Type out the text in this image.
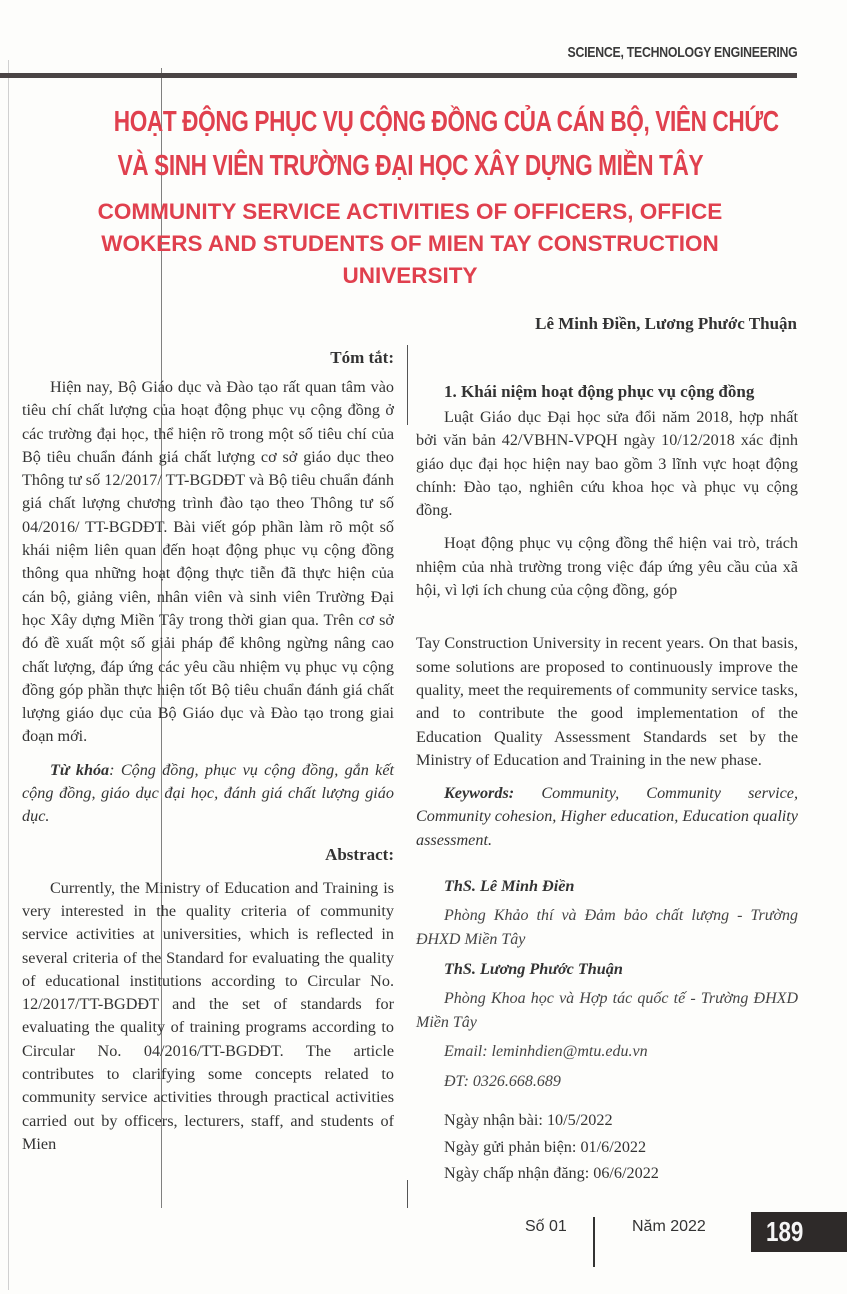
SCIENCE, TECHNOLOGY ENGINEERING
HOẠT ĐỘNG PHỤC VỤ CỘNG ĐỒNG CỦA CÁN BỘ, VIÊN CHỨC
VÀ SINH VIÊN TRƯỜNG ĐẠI HỌC XÂY DỰNG MIỀN TÂY
COMMUNITY SERVICE ACTIVITIES OF OFFICERS, OFFICE
WOKERS AND STUDENTS OF MIEN TAY CONSTRUCTION
UNIVERSITY
Lê Minh Điền, Lương Phước Thuận
Tóm tắt:

Hiện nay, Bộ Giáo dục và Đào tạo rất quan tâm vào tiêu chí chất lượng của hoạt động phục vụ cộng đồng ở các trường đại học, thể hiện rõ trong một số tiêu chí của Bộ tiêu chuẩn đánh giá chất lượng cơ sở giáo dục theo Thông tư số 12/2017/ TT-BGDĐT và Bộ tiêu chuẩn đánh giá chất lượng chương trình đào tạo theo Thông tư số 04/2016/ TT-BGDĐT. Bài viết góp phần làm rõ một số khái niệm liên quan đến hoạt động phục vụ cộng đồng thông qua những hoạt động thực tiễn đã thực hiện của cán bộ, giảng viên, nhân viên và sinh viên Trường Đại học Xây dựng Miền Tây trong thời gian qua. Trên cơ sở đó đề xuất một số giải pháp để không ngừng nâng cao chất lượng, đáp ứng các yêu cầu nhiệm vụ phục vụ cộng đồng góp phần thực hiện tốt Bộ tiêu chuẩn đánh giá chất lượng giáo dục của Bộ Giáo dục và Đào tạo trong giai đoạn mới.

Từ khóa: Cộng đồng, phục vụ cộng đồng, gắn kết cộng đồng, giáo dục đại học, đánh giá chất lượng giáo dục.

Abstract:

Currently, the Ministry of Education and Training is very interested in the quality criteria of community service activities at universities, which is reflected in several criteria of the Standard for evaluating the quality of educational institutions according to Circular No. 12/2017/TT-BGDĐT and the set of standards for evaluating the quality of training programs according to Circular No. 04/2016/TT-BGDĐT. The article contributes to clarifying some concepts related to community service activities through practical activities carried out by officers, lecturers, staff, and students of Mien

1. Khái niệm hoạt động phục vụ cộng đồng

Luật Giáo dục Đại học sửa đổi năm 2018, hợp nhất bởi văn bản 42/VBHN-VPQH ngày 10/12/2018 xác định giáo dục đại học hiện nay bao gồm 3 lĩnh vực hoạt động chính: Đào tạo, nghiên cứu khoa học và phục vụ cộng đồng.

Hoạt động phục vụ cộng đồng thể hiện vai trò, trách nhiệm của nhà trường trong việc đáp ứng yêu cầu của xã hội, vì lợi ích chung của cộng đồng, góp

Tay Construction University in recent years. On that basis, some solutions are proposed to continuously improve the quality, meet the requirements of community service tasks, and to contribute the good implementation of the Education Quality Assessment Standards set by the Ministry of Education and Training in the new phase.

Keywords: Community, Community service, Community cohesion, Higher education, Education quality assessment.

ThS. Lê Minh Điền
Phòng Khảo thí và Đảm bảo chất lượng - Trường ĐHXD Miền Tây
ThS. Lương Phước Thuận
Phòng Khoa học và Hợp tác quốc tế - Trường ĐHXD Miền Tây
Email: leminhdien@mtu.edu.vn
ĐT: 0326.668.689
Ngày nhận bài: 10/5/2022
Ngày gửi phản biện: 01/6/2022
Ngày chấp nhận đăng: 06/6/2022
Số 01	Năm 2022 189
